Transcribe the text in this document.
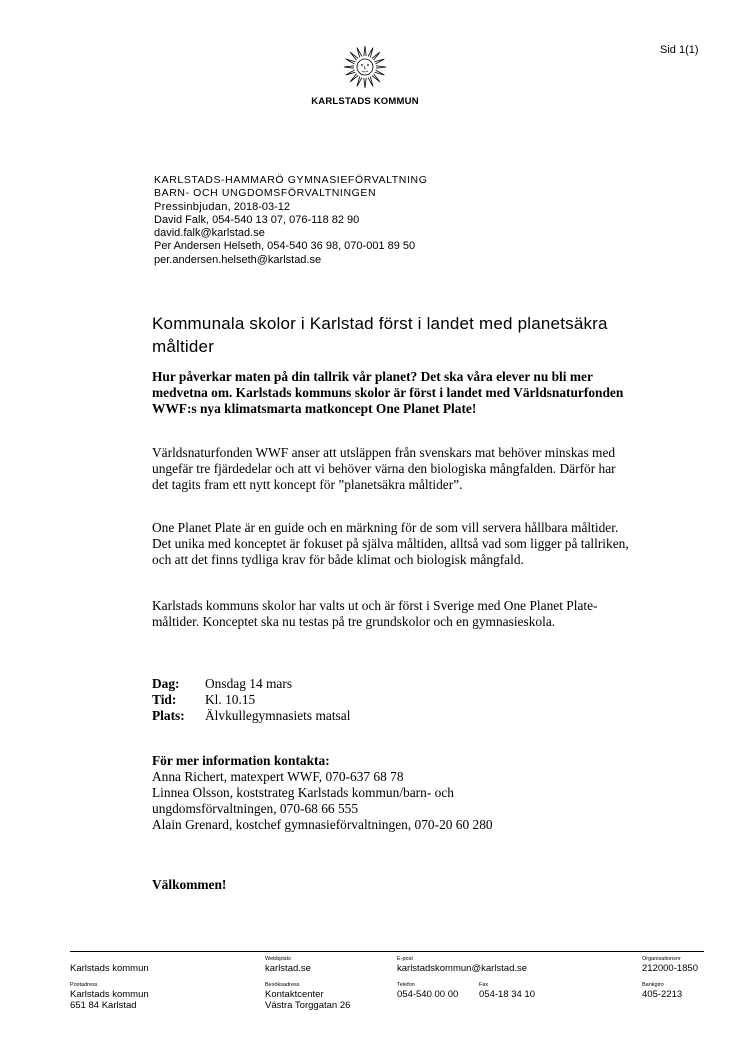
Sid 1(1)
KARLSTADS KOMMUN
KARLSTADS-HAMMARÖ GYMNASIEFÖRVALTNING
BARN- OCH UNGDOMSFÖRVALTNINGEN
Pressinbjudan, 2018-03-12
David Falk, 054-540 13 07, 076-118 82 90
david.falk@karlstad.se
Per Andersen Helseth, 054-540 36 98, 070-001 89 50
per.andersen.helseth@karlstad.se
Kommunala skolor i Karlstad först i landet med planetsäkra måltider

Hur påverkar maten på din tallrik vår planet? Det ska våra elever nu bli mer medvetna om. Karlstads kommuns skolor är först i landet med Världsnaturfonden WWF:s nya klimatsmarta matkoncept One Planet Plate!

Världsnaturfonden WWF anser att utsläppen från svenskars mat behöver minskas med ungefär tre fjärdedelar och att vi behöver värna den biologiska mångfalden. Därför har det tagits fram ett nytt koncept för ”planetsäkra måltider”.

One Planet Plate är en guide och en märkning för de som vill servera hållbara måltider. Det unika med konceptet är fokuset på själva måltiden, alltså vad som ligger på tallriken, och att det finns tydliga krav för både klimat och biologisk mångfald.

Karlstads kommuns skolor har valts ut och är först i Sverige med One Planet Plate-måltider. Konceptet ska nu testas på tre grundskolor och en gymnasieskola.

Dag:	Onsdag 14 mars
Tid:	Kl. 10.15
Plats:	Älvkullegymnasiets matsal
För mer information kontakta:
Anna Richert, matexpert WWF, 070-637 68 78
Linnea Olsson, koststrateg Karlstads kommun/barn- och
ungdomsförvaltningen, 070-68 66 555
Alain Grenard, kostchef gymnasieförvaltningen, 070-20 60 280
Välkommen!
Karlstads kommun
Webbplats
karlstad.se
E-post
karlstadskommun@karlstad.se
Organisationsnr
212000-1850
Postadress
Karlstads kommun
651 84 Karlstad
Besöksadress
Kontaktcenter
Västra Torggatan 26
Telefon
054-540 00 00
Fax
054-18 34 10
Bankgiro
405-2213
